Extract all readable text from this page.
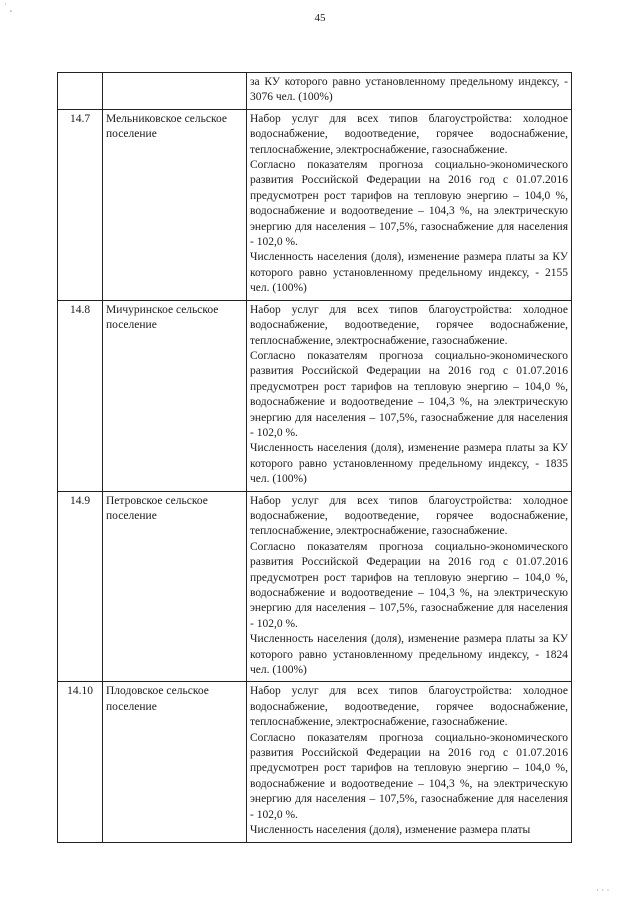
45

		за КУ которого равно установленному предельному индексу, - 3076 чел. (100%)

14.7	Мельниковское сельское поселение	Набор услуг для всех типов благоустройства: холодное водоснабжение, водоотведение, горячее водоснабжение, теплоснабжение, электроснабжение, газоснабжение.

Согласно показателям прогноза социально-экономического развития Российской Федерации на 2016 год с 01.07.2016 предусмотрен рост тарифов на тепловую энергию – 104,0 %, водоснабжение и водоотведение – 104,3 %, на электрическую энергию для населения – 107,5%, газоснабжение для населения - 102,0 %.

Численность населения (доля), изменение размера платы за КУ которого равно установленному предельному индексу, - 2155 чел. (100%)

14.8	Мичуринское сельское поселение	Набор услуг для всех типов благоустройства: холодное водоснабжение, водоотведение, горячее водоснабжение, теплоснабжение, электроснабжение, газоснабжение.

Согласно показателям прогноза социально-экономического развития Российской Федерации на 2016 год с 01.07.2016 предусмотрен рост тарифов на тепловую энергию – 104,0 %, водоснабжение и водоотведение – 104,3 %, на электрическую энергию для населения – 107,5%, газоснабжение для населения - 102,0 %.

Численность населения (доля), изменение размера платы за КУ которого равно установленному предельному индексу, - 1835 чел. (100%)

14.9	Петровское сельское поселение	Набор услуг для всех типов благоустройства: холодное водоснабжение, водоотведение, горячее водоснабжение, теплоснабжение, электроснабжение, газоснабжение.

Согласно показателям прогноза социально-экономического развития Российской Федерации на 2016 год с 01.07.2016 предусмотрен рост тарифов на тепловую энергию – 104,0 %, водоснабжение и водоотведение – 104,3 %, на электрическую энергию для населения – 107,5%, газоснабжение для населения - 102,0 %.

Численность населения (доля), изменение размера платы за КУ которого равно установленному предельному индексу, - 1824 чел. (100%)

14.10	Плодовское сельское поселение	Набор услуг для всех типов благоустройства: холодное водоснабжение, водоотведение, горячее водоснабжение, теплоснабжение, электроснабжение, газоснабжение.

Согласно показателям прогноза социально-экономического развития Российской Федерации на 2016 год с 01.07.2016 предусмотрен рост тарифов на тепловую энергию – 104,0 %, водоснабжение и водоотведение – 104,3 %, на электрическую энергию для населения – 107,5%, газоснабжение для населения - 102,0 %.

Численность населения (доля), изменение размера платы

˙ ¸
· · ·
